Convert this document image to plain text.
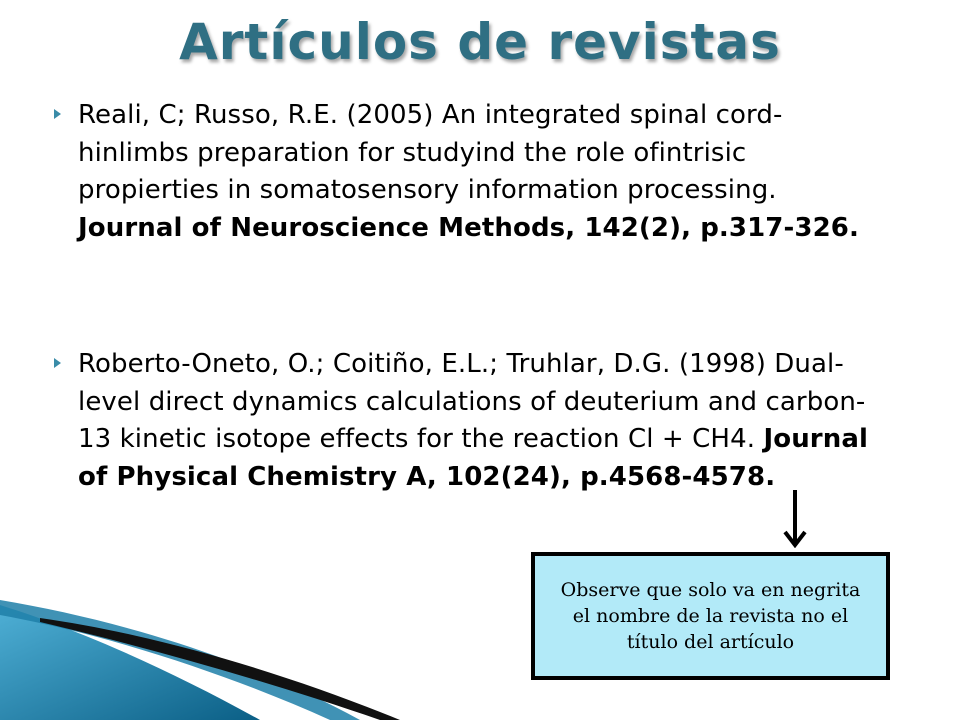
Artículos de revistas
Reali, C; Russo, R.E. (2005) An integrated spinal cord-hinlimbs preparation for studyind the role ofintrisic propierties in somatosensory information processing. Journal of Neuroscience Methods, 142(2), p.317-326.
Roberto-Oneto, O.; Coitiño, E.L.; Truhlar, D.G. (1998) Dual-level direct dynamics calculations of deuterium and carbon-13 kinetic isotope effects for the reaction Cl + CH4. Journal of Physical Chemistry A, 102(24), p.4568-4578.
Observe que solo va en negrita el nombre de la revista no el título del artículo
